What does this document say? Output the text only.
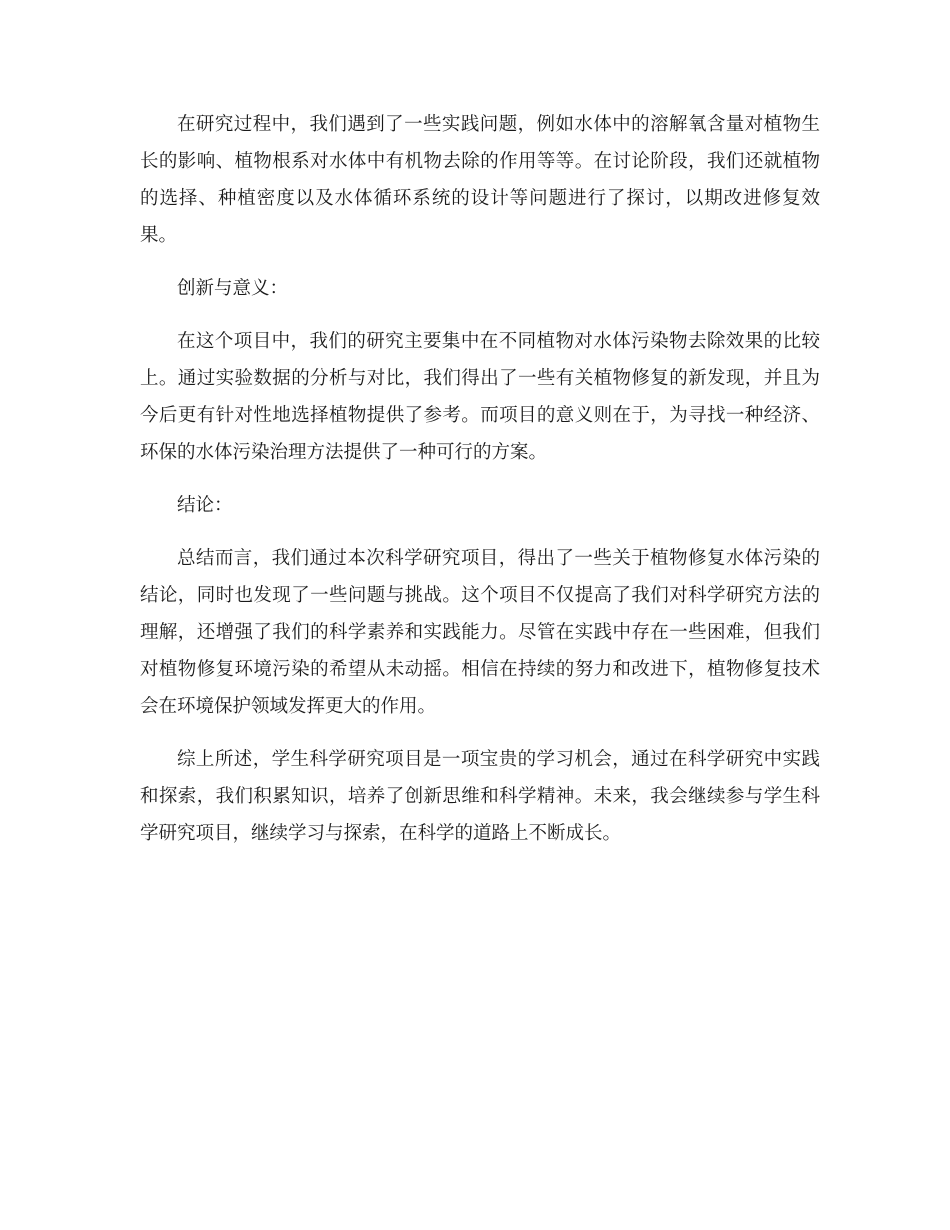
在研究过程中，我们遇到了一些实践问题，例如水体中的溶解氧含量对植物生长的影响、植物根系对水体中有机物去除的作用等等。在讨论阶段，我们还就植物的选择、种植密度以及水体循环系统的设计等问题进行了探讨，以期改进修复效果。

创新与意义：

在这个项目中，我们的研究主要集中在不同植物对水体污染物去除效果的比较上。通过实验数据的分析与对比，我们得出了一些有关植物修复的新发现，并且为今后更有针对性地选择植物提供了参考。而项目的意义则在于，为寻找一种经济、环保的水体污染治理方法提供了一种可行的方案。

结论：

总结而言，我们通过本次科学研究项目，得出了一些关于植物修复水体污染的结论，同时也发现了一些问题与挑战。这个项目不仅提高了我们对科学研究方法的理解，还增强了我们的科学素养和实践能力。尽管在实践中存在一些困难，但我们对植物修复环境污染的希望从未动摇。相信在持续的努力和改进下，植物修复技术会在环境保护领域发挥更大的作用。

综上所述，学生科学研究项目是一项宝贵的学习机会，通过在科学研究中实践和探索，我们积累知识，培养了创新思维和科学精神。未来，我会继续参与学生科学研究项目，继续学习与探索，在科学的道路上不断成长。
